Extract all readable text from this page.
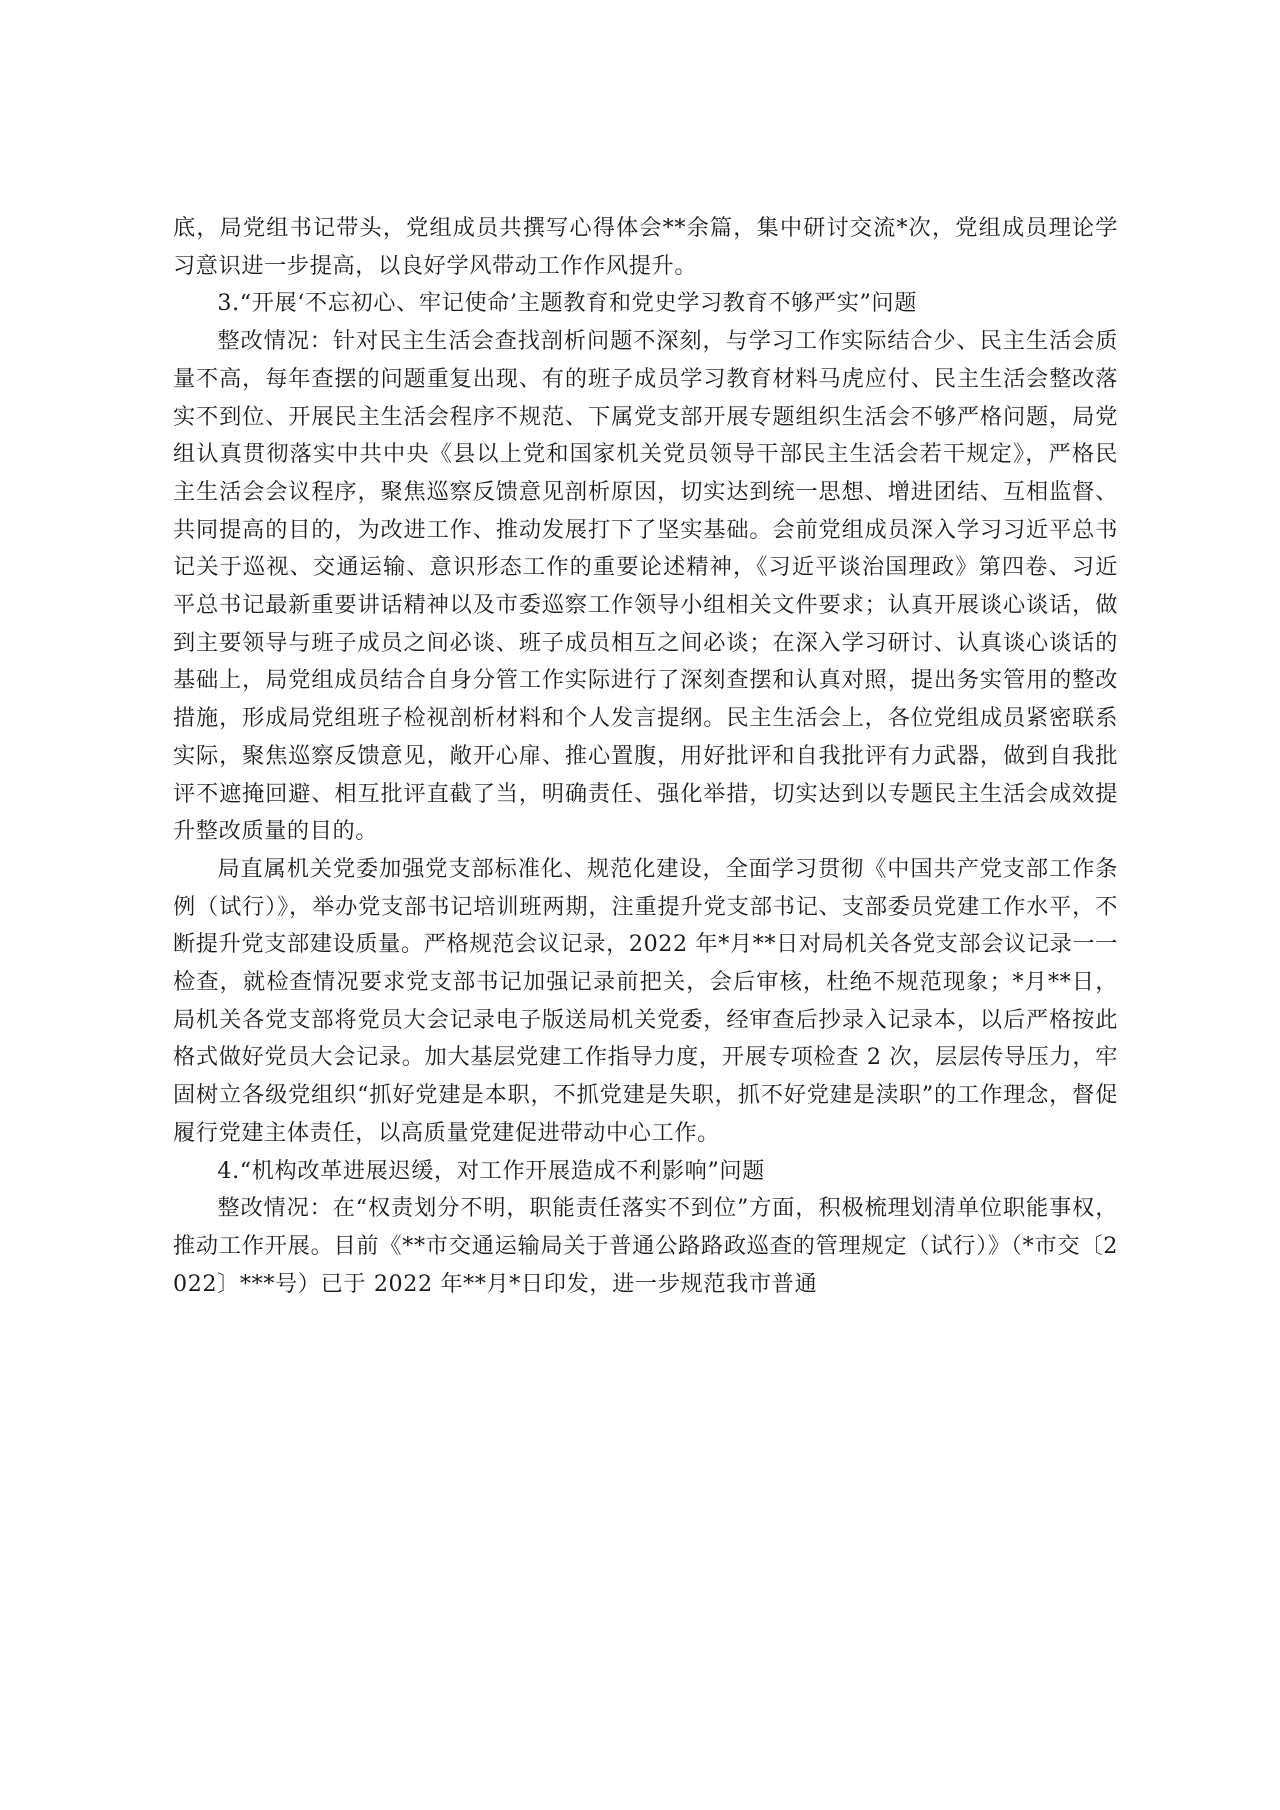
底，局党组书记带头，党组成员共撰写心得体会**余篇，集中研讨交流*次，党组成员理论学习意识进一步提高，以良好学风带动工作作风提升。

3.“开展‘不忘初心、牢记使命’主题教育和党史学习教育不够严实”问题

整改情况：针对民主生活会查找剖析问题不深刻，与学习工作实际结合少、民主生活会质量不高，每年查摆的问题重复出现、有的班子成员学习教育材料马虎应付、民主生活会整改落实不到位、开展民主生活会程序不规范、下属党支部开展专题组织生活会不够严格问题，局党组认真贯彻落实中共中央《县以上党和国家机关党员领导干部民主生活会若干规定》，严格民主生活会会议程序，聚焦巡察反馈意见剖析原因，切实达到统一思想、增进团结、互相监督、共同提高的目的，为改进工作、推动发展打下了坚实基础。会前党组成员深入学习习近平总书记关于巡视、交通运输、意识形态工作的重要论述精神，《习近平谈治国理政》第四卷、习近平总书记最新重要讲话精神以及市委巡察工作领导小组相关文件要求；认真开展谈心谈话，做到主要领导与班子成员之间必谈、班子成员相互之间必谈；在深入学习研讨、认真谈心谈话的基础上，局党组成员结合自身分管工作实际进行了深刻查摆和认真对照，提出务实管用的整改措施，形成局党组班子检视剖析材料和个人发言提纲。民主生活会上，各位党组成员紧密联系实际，聚焦巡察反馈意见，敞开心扉、推心置腹，用好批评和自我批评有力武器，做到自我批评不遮掩回避、相互批评直截了当，明确责任、强化举措，切实达到以专题民主生活会成效提升整改质量的目的。

局直属机关党委加强党支部标准化、规范化建设，全面学习贯彻《中国共产党支部工作条例（试行）》，举办党支部书记培训班两期，注重提升党支部书记、支部委员党建工作水平，不断提升党支部建设质量。严格规范会议记录，2022 年*月**日对局机关各党支部会议记录一一检查，就检查情况要求党支部书记加强记录前把关，会后审核，杜绝不规范现象；*月**日，局机关各党支部将党员大会记录电子版送局机关党委，经审查后抄录入记录本，以后严格按此格式做好党员大会记录。加大基层党建工作指导力度，开展专项检查 2 次，层层传导压力，牢固树立各级党组织“抓好党建是本职，不抓党建是失职，抓不好党建是渎职”的工作理念，督促履行党建主体责任，以高质量党建促进带动中心工作。

4.“机构改革进展迟缓，对工作开展造成不利影响”问题

整改情况：在“权责划分不明，职能责任落实不到位”方面，积极梳理划清单位职能事权，推动工作开展。目前《**市交通运输局关于普通公路路政巡查的管理规定（试行）》（*市交〔2022〕***号）已于 2022 年**月*日印发，进一步规范我市普通
